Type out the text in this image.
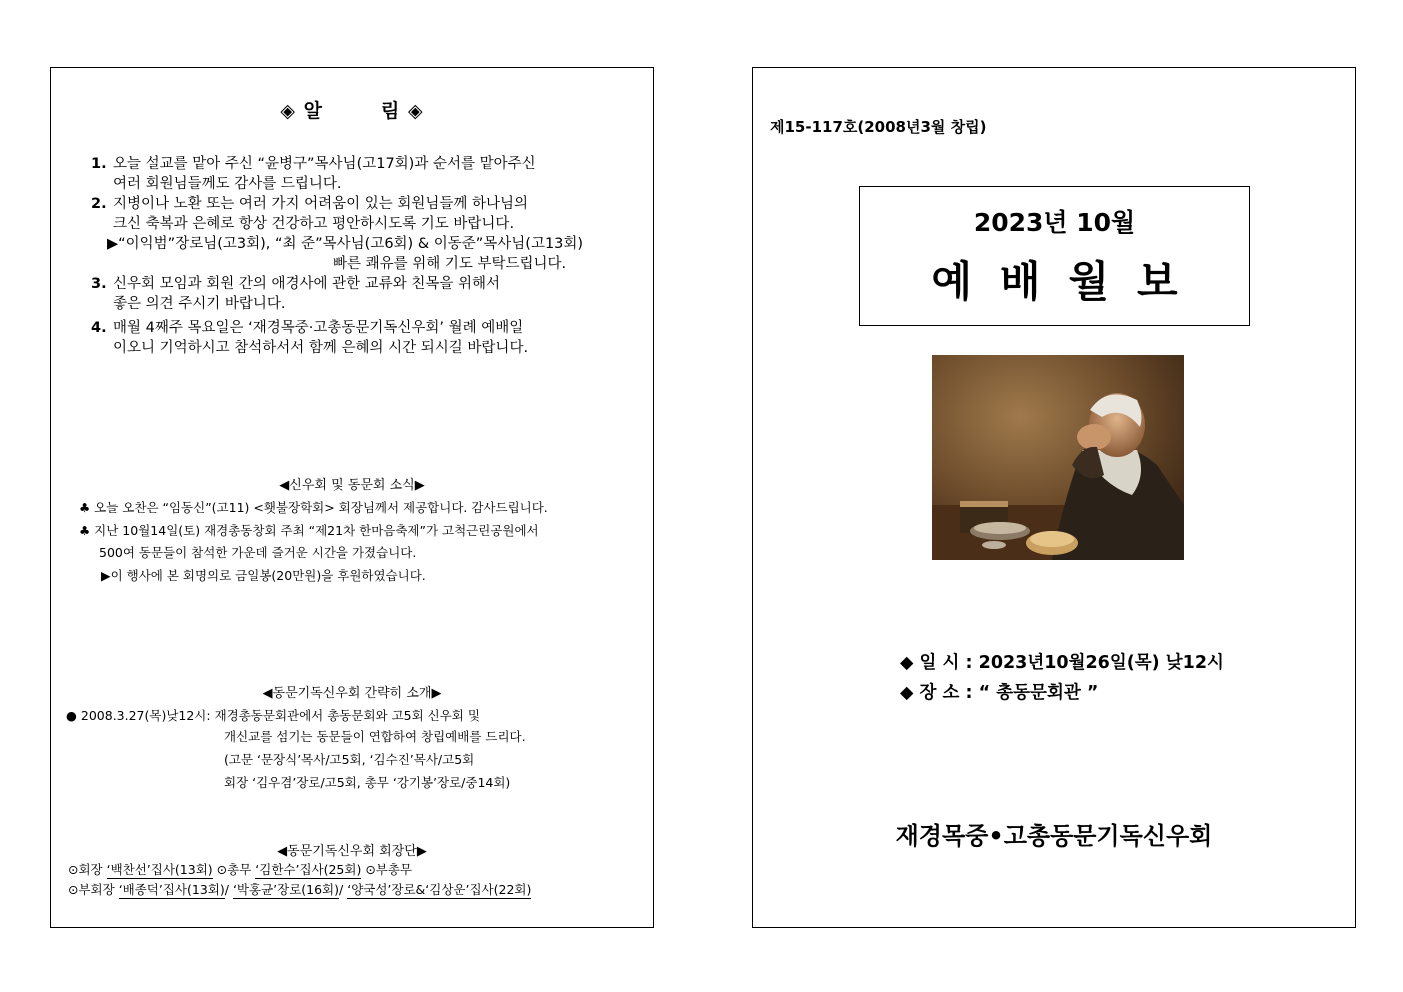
◈ 알	림 ◈
1. 오늘 설교를 맡아 주신 “윤병구”목사님(고17회)과 순서를 맡아주신
여러 회원님들께도 감사를 드립니다.
2. 지병이나 노환 또는 여러 가지 어려움이 있는 회원님들께 하나님의
크신 축복과 은혜로 항상 건강하고 평안하시도록 기도 바랍니다.
▶“이익범”장로님(고3회), “최 준”목사님(고6회) & 이동준”목사님(고13회)
빠른 쾌유를 위해 기도 부탁드립니다.
3. 신우회 모임과 회원 간의 애경사에 관한 교류와 친목을 위해서
좋은 의견 주시기 바랍니다.
4. 매월 4째주 목요일은 ‘재경목중·고총동문기독신우회’ 월례 예배일
이오니 기억하시고 참석하서서 함께 은혜의 시간 되시길 바랍니다.
◀신우회 및 동문회 소식▶
♣ 오늘 오찬은 “임동신”(고11) <횃불장학회> 회장님께서 제공합니다. 감사드립니다.
♣ 지난 10월14일(토) 재경총동창회 주최 “제21차 한마음축제”가 고척근린공원에서
500여 동문들이 참석한 가운데 즐거운 시간을 가졌습니다.
▶이 행사에 본 회명의로 금일봉(20만원)을 후원하였습니다.
◀동문기독신우회 간략히 소개▶
● 2008.3.27(목)낮12시: 재경총동문회관에서 총동문회와 고5회 신우회 및
개신교를 섬기는 동문들이 연합하여 창립예배를 드리다.
(고문 ‘문장식’목사/고5회, ‘김수진’목사/고5회
회장 ‘김우겸’장로/고5회, 총무 ‘강기봉’장로/중14회)
◀동문기독신우회 회장단▶
⊙회장 ‘백찬선’집사(13회) ⊙총무 ‘김한수’집사(25회) ⊙부총무
⊙부회장 ‘배종덕’집사(13회)/ ‘박홍균’장로(16회)/ ‘양국성’장로&‘김상운’집사(22회)
제15-117호(2008년3월 창립)
2023년 10월
예배월보
◆ 일 시 : 2023년10월26일(목) 낮12시
◆ 장 소 : “ 총동문회관 ”
재경목중•고총동문기독신우회
